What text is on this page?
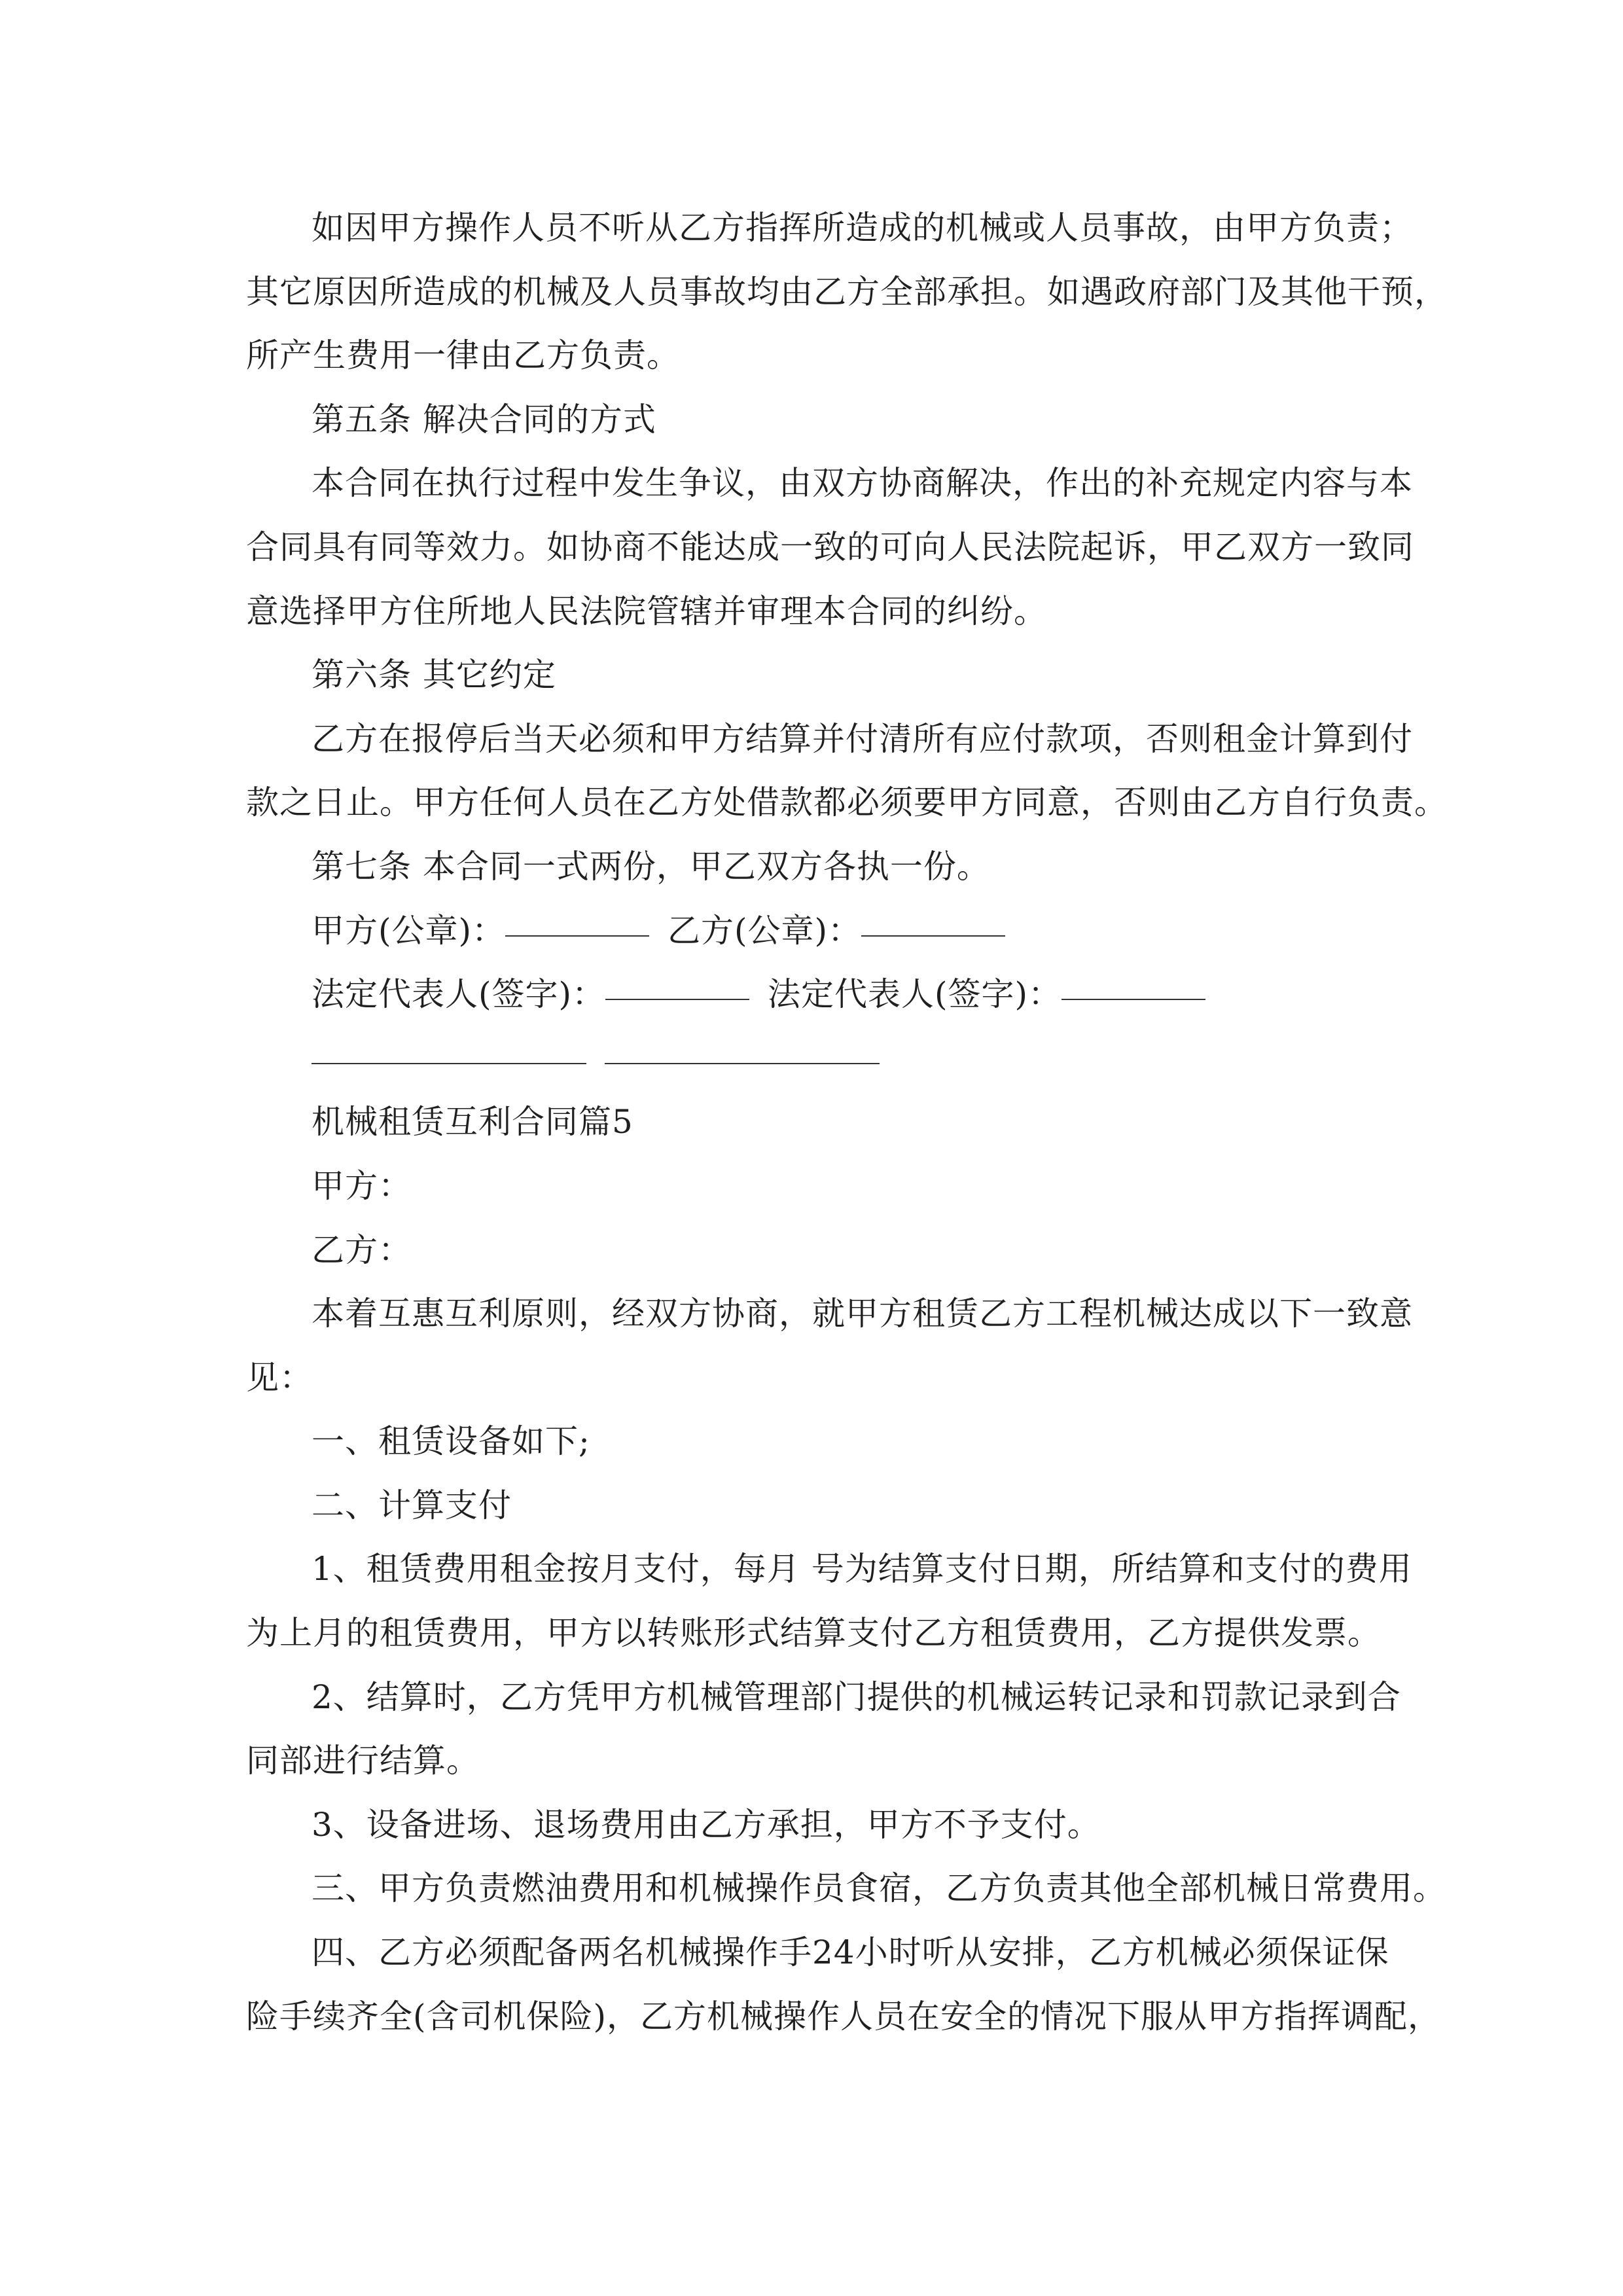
如因甲方操作人员不听从乙方指挥所造成的机械或人员事故，由甲方负责；
其它原因所造成的机械及人员事故均由乙方全部承担。如遇政府部门及其他干预，
所产生费用一律由乙方负责。
第五条 解决合同的方式
本合同在执行过程中发生争议，由双方协商解决，作出的补充规定内容与本
合同具有同等效力。如协商不能达成一致的可向人民法院起诉，甲乙双方一致同
意选择甲方住所地人民法院管辖并审理本合同的纠纷。
第六条 其它约定
乙方在报停后当天必须和甲方结算并付清所有应付款项，否则租金计算到付
款之日止。甲方任何人员在乙方处借款都必须要甲方同意，否则由乙方自行负责。
第七条 本合同一式两份，甲乙双方各执一份。
甲方(公章)：	乙方(公章)：
法定代表人(签字)：	法定代表人(签字)：
机械租赁互利合同篇5
甲方：
乙方：
本着互惠互利原则，经双方协商，就甲方租赁乙方工程机械达成以下一致意
见：
一、租赁设备如下;
二、计算支付
1、租赁费用租金按月支付，每月 号为结算支付日期，所结算和支付的费用
为上月的租赁费用，甲方以转账形式结算支付乙方租赁费用，乙方提供发票。
2、结算时，乙方凭甲方机械管理部门提供的机械运转记录和罚款记录到合
同部进行结算。
3、设备进场、退场费用由乙方承担，甲方不予支付。
三、甲方负责燃油费用和机械操作员食宿，乙方负责其他全部机械日常费用。
四、乙方必须配备两名机械操作手24小时听从安排，乙方机械必须保证保
险手续齐全(含司机保险)，乙方机械操作人员在安全的情况下服从甲方指挥调配，
